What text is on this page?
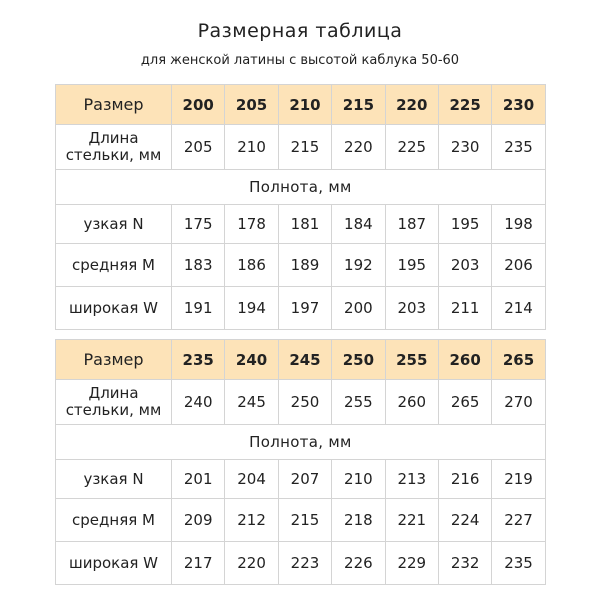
Размерная таблица
для женской латины с высотой каблука 50-60
Размер	200	205	210	215	220	225	230

Длина
стельки, мм	205	210	215	220	225	230	235
Полнота, мм							
узкая N	175	178	181	184	187	195	198
средняя M	183	186	189	192	195	203	206
широкая W	191	194	197	200	203	211	214
Размер	235	240	245	250	255	260	265

Длина
стельки, мм	240	245	250	255	260	265	270
Полнота, мм							
узкая N	201	204	207	210	213	216	219
средняя M	209	212	215	218	221	224	227
широкая W	217	220	223	226	229	232	235
